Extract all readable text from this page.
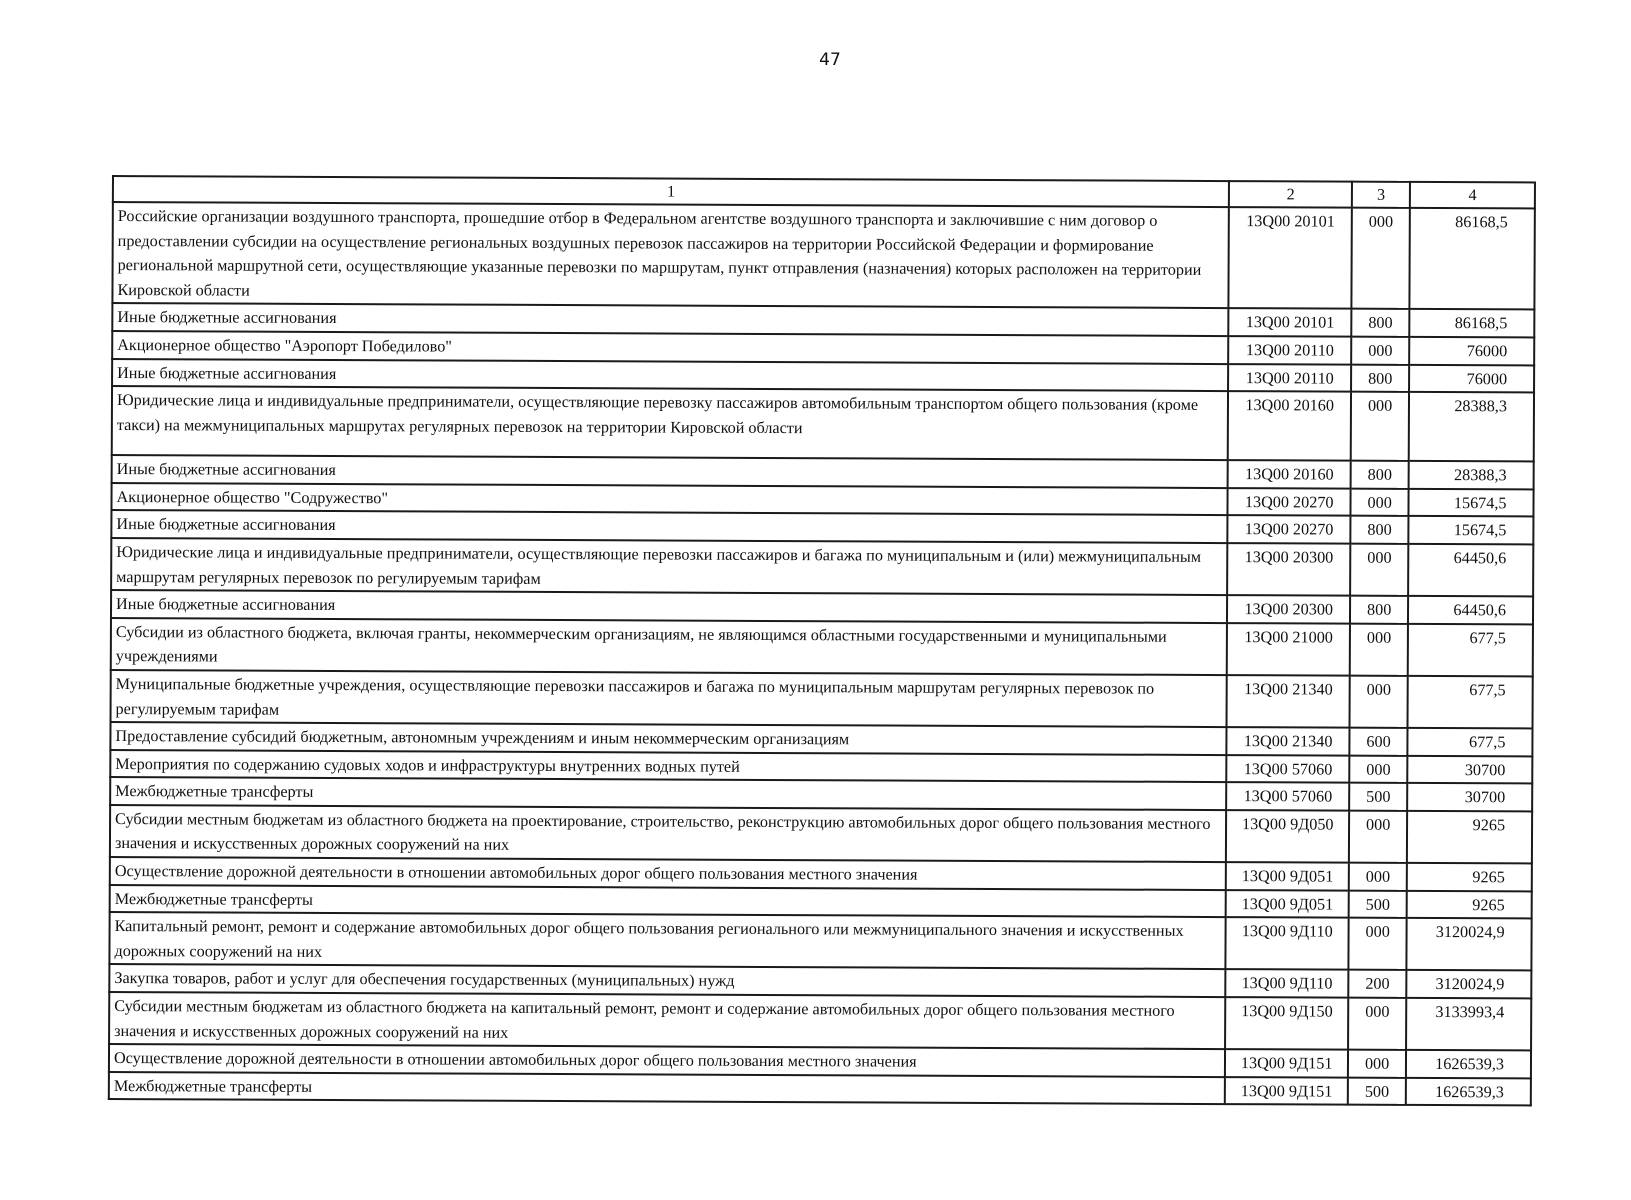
47
1	2	3	4
Российские организации воздушного транспорта, прошедшие отбор в Федеральном агентстве воздушного транспорта и заключившие с ним договор о предоставлении субсидии на осуществление региональных воздушных перевозок пассажиров на территории Российской Федерации и формирование региональной маршрутной сети, осуществляющие указанные перевозки по маршрутам, пункт отправления (назначения) которых расположен на территории Кировской области	13Q00 20101	000	86168,5
Иные бюджетные ассигнования	13Q00 20101	800	86168,5
Акционерное общество "Аэропорт Победилово"	13Q00 20110	000	76000
Иные бюджетные ассигнования	13Q00 20110	800	76000
Юридические лица и индивидуальные предприниматели, осуществляющие перевозку пассажиров автомобильным транспортом общего пользования (кроме такси) на межмуниципальных маршрутах регулярных перевозок на территории Кировской области	13Q00 20160	000	28388,3
Иные бюджетные ассигнования	13Q00 20160	800	28388,3
Акционерное общество "Содружество"	13Q00 20270	000	15674,5
Иные бюджетные ассигнования	13Q00 20270	800	15674,5
Юридические лица и индивидуальные предприниматели, осуществляющие перевозки пассажиров и багажа по муниципальным и (или) межмуниципальным маршрутам регулярных перевозок по регулируемым тарифам	13Q00 20300	000	64450,6
Иные бюджетные ассигнования	13Q00 20300	800	64450,6
Субсидии из областного бюджета, включая гранты, некоммерческим организациям, не являющимся областными государственными и муниципальными учреждениями	13Q00 21000	000	677,5
Муниципальные бюджетные учреждения, осуществляющие перевозки пассажиров и багажа по муниципальным маршрутам регулярных перевозок по регулируемым тарифам	13Q00 21340	000	677,5
Предоставление субсидий бюджетным, автономным учреждениям и иным некоммерческим организациям	13Q00 21340	600	677,5
Мероприятия по содержанию судовых ходов и инфраструктуры внутренних водных путей	13Q00 57060	000	30700
Межбюджетные трансферты	13Q00 57060	500	30700
Субсидии местным бюджетам из областного бюджета на проектирование, строительство, реконструкцию автомобильных дорог общего пользования местного значения и искусственных дорожных сооружений на них	13Q00 9Д050	000	9265
Осуществление дорожной деятельности в отношении автомобильных дорог общего пользования местного значения	13Q00 9Д051	000	9265
Межбюджетные трансферты	13Q00 9Д051	500	9265
Капитальный ремонт, ремонт и содержание автомобильных дорог общего пользования регионального или межмуниципального значения и искусственных дорожных сооружений на них	13Q00 9Д110	000	3120024,9
Закупка товаров, работ и услуг для обеспечения государственных (муниципальных) нужд	13Q00 9Д110	200	3120024,9
Субсидии местным бюджетам из областного бюджета на капитальный ремонт, ремонт и содержание автомобильных дорог общего пользования местного значения и искусственных дорожных сооружений на них	13Q00 9Д150	000	3133993,4
Осуществление дорожной деятельности в отношении автомобильных дорог общего пользования местного значения	13Q00 9Д151	000	1626539,3
Межбюджетные трансферты	13Q00 9Д151	500	1626539,3
